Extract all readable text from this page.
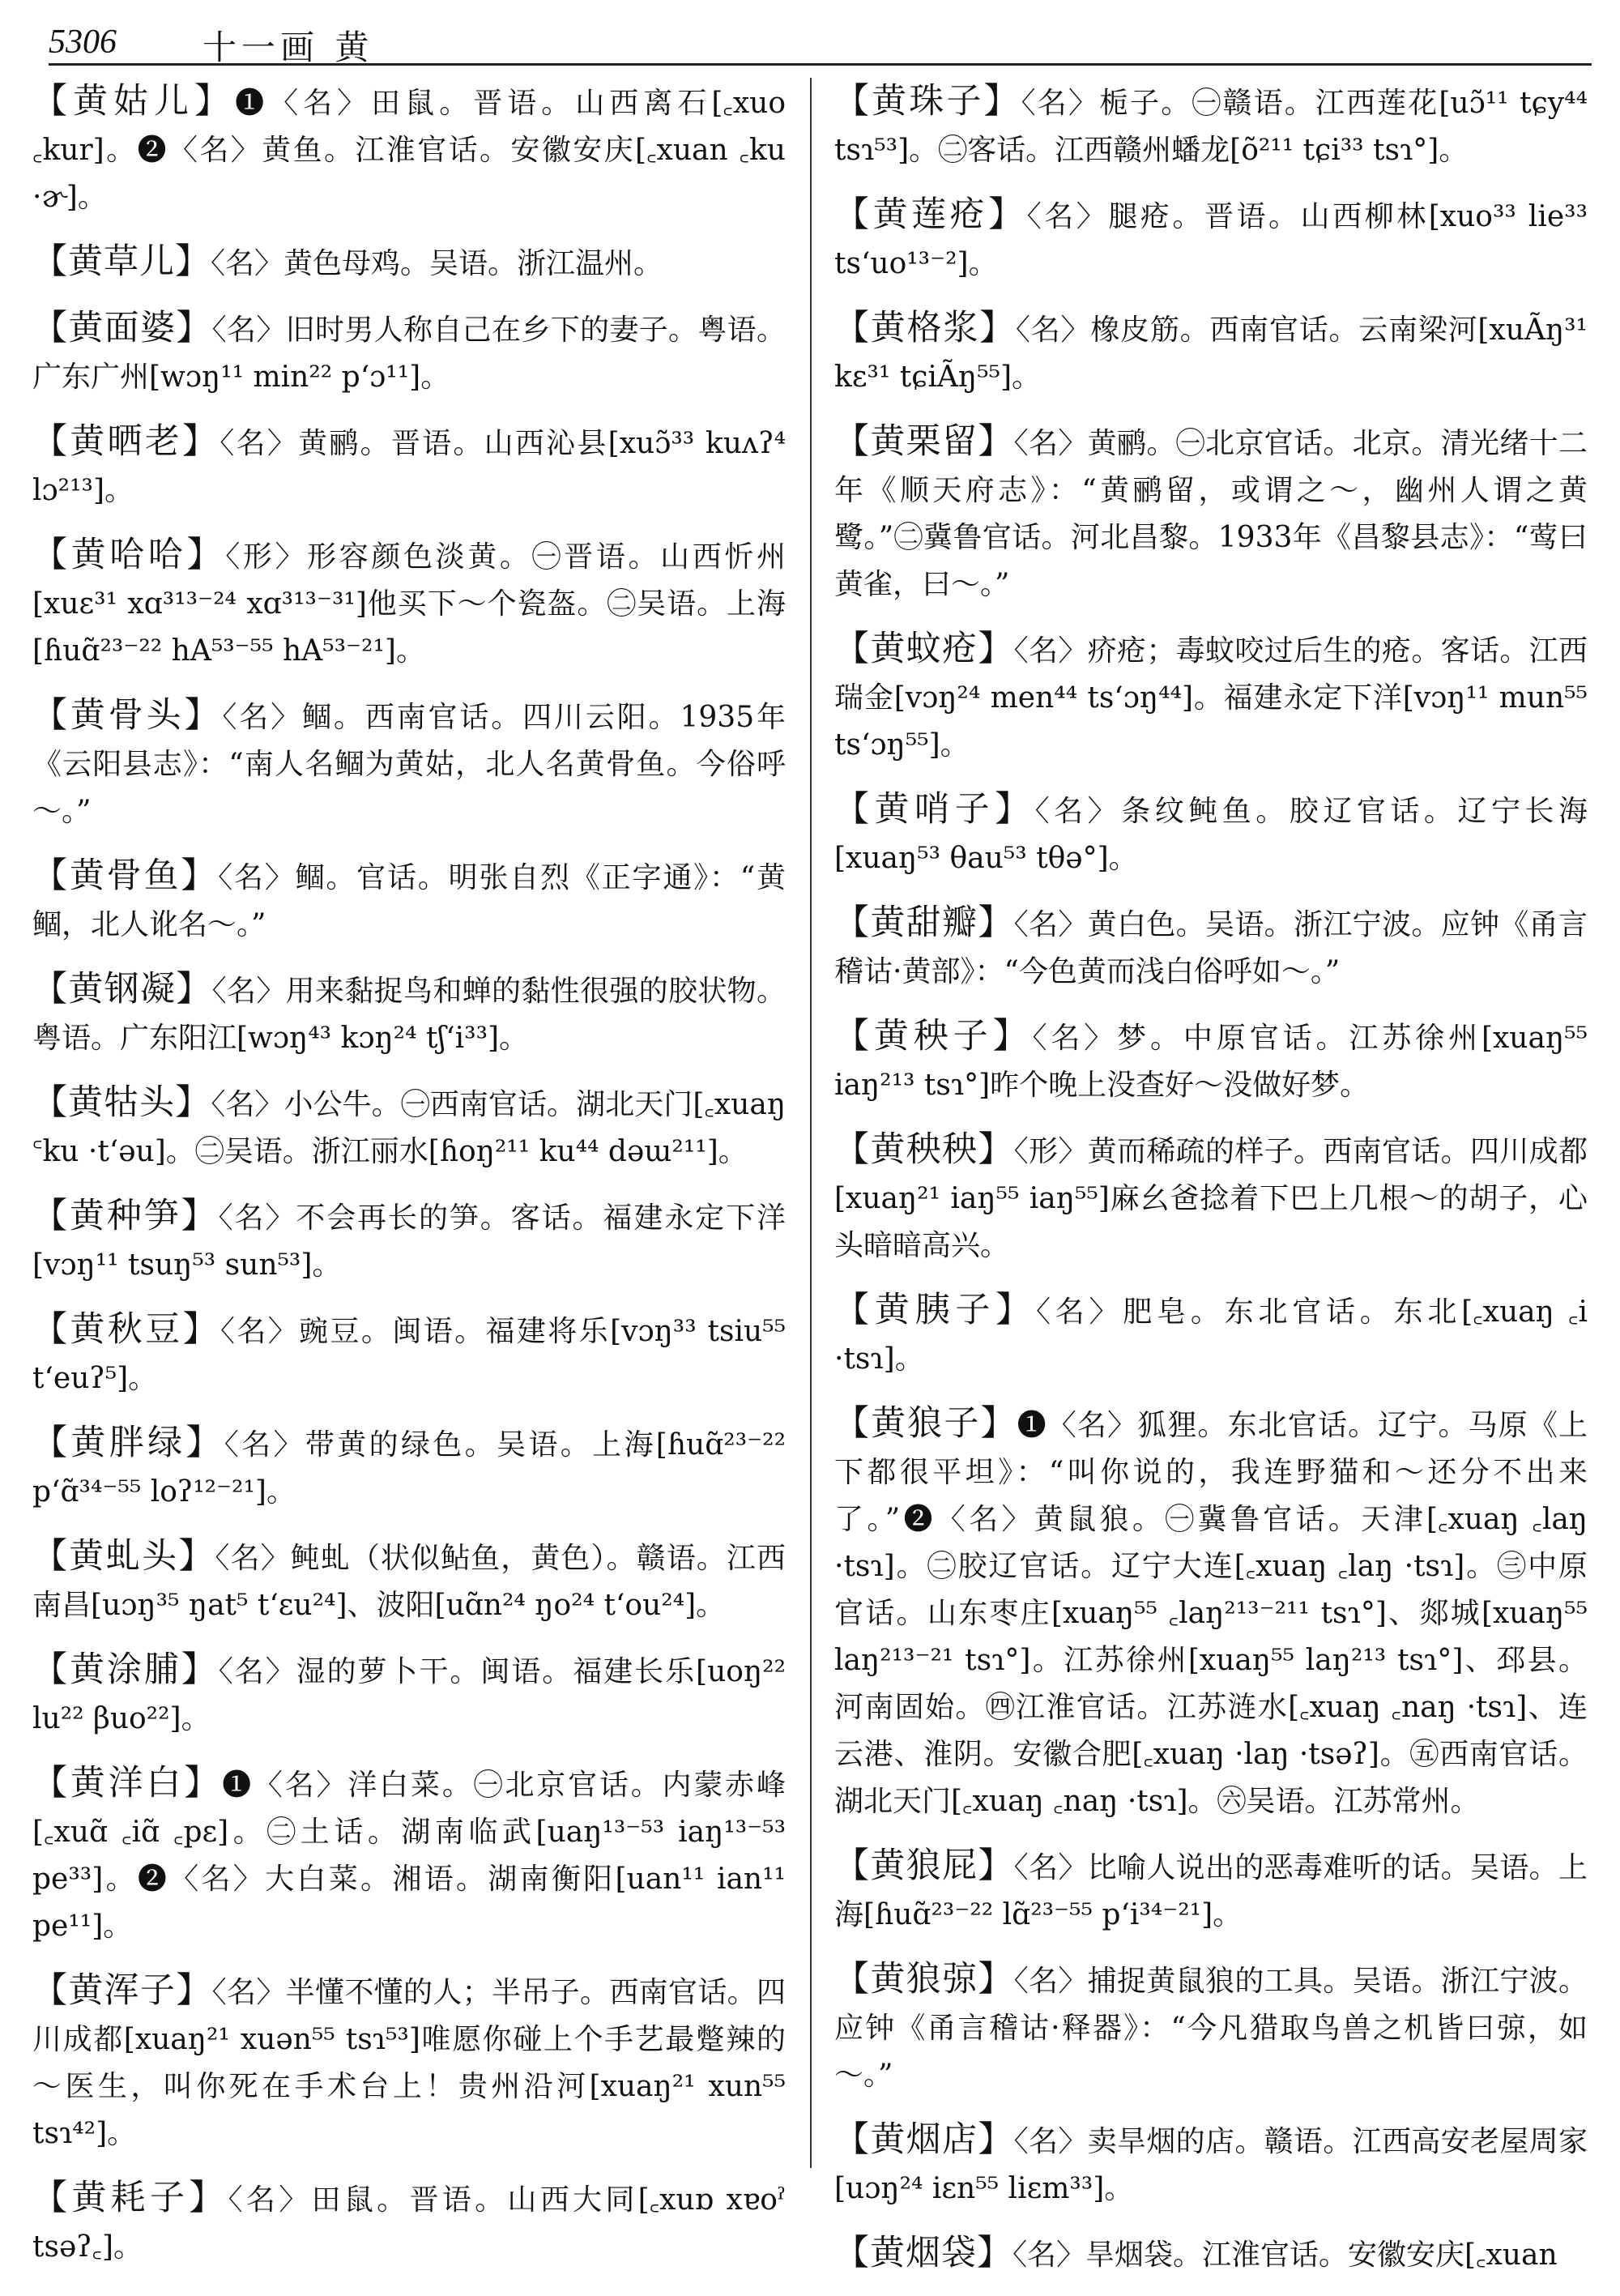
5306	十一画 黄

【黄姑儿】❶〈名〉田鼠。晋语。山西离石[꜀xuo ꜀kur]。❷〈名〉黄鱼。江淮官话。安徽安庆[꜀xuan ꜀ku ·ɚ]。

【黄草儿】〈名〉黄色母鸡。吴语。浙江温州。

【黄面婆】〈名〉旧时男人称自己在乡下的妻子。粤语。广东广州[wɔŋ¹¹ min²² pʻɔ¹¹]。

【黄晒老】〈名〉黄鹂。晋语。山西沁县[xuɔ̃³³ kuʌʔ⁴ lɔ²¹³]。

【黄哈哈】〈形〉形容颜色淡黄。㊀晋语。山西忻州[xuɛ³¹ xɑ³¹³⁻²⁴ xɑ³¹³⁻³¹]他买下～个瓷盔。㊁吴语。上海[ɦuɑ̃²³⁻²² hA⁵³⁻⁵⁵ hA⁵³⁻²¹]。

【黄骨头】〈名〉鲴。西南官话。四川云阳。1935年《云阳县志》：“南人名鲴为黄姑，北人名黄骨鱼。今俗呼～。”

【黄骨鱼】〈名〉鲴。官话。明张自烈《正字通》：“黄鲴，北人讹名～。”

【黄钢凝】〈名〉用来黏捉鸟和蝉的黏性很强的胶状物。粤语。广东阳江[wɔŋ⁴³ kɔŋ²⁴ tʃʻi³³]。

【黄牯头】〈名〉小公牛。㊀西南官话。湖北天门[꜀xuaŋ ꜂ku ·tʻəu]。㊁吴语。浙江丽水[ɦoŋ²¹¹ ku⁴⁴ dəɯ²¹¹]。

【黄种笋】〈名〉不会再长的笋。客话。福建永定下洋[vɔŋ¹¹ tsuŋ⁵³ sun⁵³]。

【黄秋豆】〈名〉豌豆。闽语。福建将乐[vɔŋ³³ tsiu⁵⁵ tʻeuʔ⁵]。

【黄胖绿】〈名〉带黄的绿色。吴语。上海[ɦuɑ̃²³⁻²² pʻɑ̃³⁴⁻⁵⁵ loʔ¹²⁻²¹]。

【黄虬头】〈名〉鲀虬（状似鲇鱼，黄色）。赣语。江西南昌[uɔŋ³⁵ ŋat⁵ tʻɛu²⁴]、波阳[uɑ̃n²⁴ ŋo²⁴ tʻou²⁴]。

【黄涂脯】〈名〉湿的萝卜干。闽语。福建长乐[uoŋ²² lu²² βuo²²]。

【黄洋白】❶〈名〉洋白菜。㊀北京官话。内蒙赤峰[꜀xuɑ̃ ꜀iɑ̃ ꜀pɛ]。㊁土话。湖南临武[uaŋ¹³⁻⁵³ iaŋ¹³⁻⁵³ pe³³]。❷〈名〉大白菜。湘语。湖南衡阳[uan¹¹ ian¹¹ pe¹¹]。

【黄浑子】〈名〉半懂不懂的人；半吊子。西南官话。四川成都[xuaŋ²¹ xuən⁵⁵ tsɿ⁵³]唯愿你碰上个手艺最蹩辣的～医生，叫你死在手术台上！贵州沿河[xuaŋ²¹ xun⁵⁵ tsɿ⁴²]。

【黄耗子】〈名〉田鼠。晋语。山西大同[꜀xuɒ xɐoˀ tsəʔ꜀]。

【黄珠子】〈名〉栀子。㊀赣语。江西莲花[uɔ̃¹¹ tɕy⁴⁴ tsɿ⁵³]。㊁客话。江西赣州蟠龙[õ²¹¹ tɕi³³ tsɿ°]。

【黄莲疮】〈名〉腿疮。晋语。山西柳林[xuo³³ lie³³ tsʻuo¹³⁻²]。

【黄格浆】〈名〉橡皮筋。西南官话。云南梁河[xuÃŋ³¹ kɛ³¹ tɕiÃŋ⁵⁵]。

【黄栗留】〈名〉黄鹂。㊀北京官话。北京。清光绪十二年《顺天府志》：“黄鹂留，或谓之～，幽州人谓之黄鹭。”㊁冀鲁官话。河北昌黎。1933年《昌黎县志》：“莺曰黄雀，曰～。”

【黄蚊疮】〈名〉疥疮；毒蚊咬过后生的疮。客话。江西瑞金[vɔŋ²⁴ men⁴⁴ tsʻɔŋ⁴⁴]。福建永定下洋[vɔŋ¹¹ mun⁵⁵ tsʻɔŋ⁵⁵]。

【黄哨子】〈名〉条纹鲀鱼。胶辽官话。辽宁长海[xuaŋ⁵³ θau⁵³ tθə°]。

【黄甜瓣】〈名〉黄白色。吴语。浙江宁波。应钟《甬言稽诂·黄部》：“今色黄而浅白俗呼如～。”

【黄秧子】〈名〉梦。中原官话。江苏徐州[xuaŋ⁵⁵ iaŋ²¹³ tsɿ°]昨个晚上没查好～没做好梦。

【黄秧秧】〈形〉黄而稀疏的样子。西南官话。四川成都[xuaŋ²¹ iaŋ⁵⁵ iaŋ⁵⁵]麻幺爸捻着下巴上几根～的胡子，心头暗暗高兴。

【黄胰子】〈名〉肥皂。东北官话。东北[꜀xuaŋ ꜀i ·tsɿ]。

【黄狼子】❶〈名〉狐狸。东北官话。辽宁。马原《上下都很平坦》：“叫你说的，我连野猫和～还分不出来了。”❷〈名〉黄鼠狼。㊀冀鲁官话。天津[꜀xuaŋ ꜀laŋ ·tsɿ]。㊁胶辽官话。辽宁大连[꜀xuaŋ ꜀laŋ ·tsɿ]。㊂中原官话。山东枣庄[xuaŋ⁵⁵ ꜀laŋ²¹³⁻²¹¹ tsɿ°]、郯城[xuaŋ⁵⁵ laŋ²¹³⁻²¹ tsɿ°]。江苏徐州[xuaŋ⁵⁵ laŋ²¹³ tsɿ°]、邳县。河南固始。㊃江淮官话。江苏涟水[꜀xuaŋ ꜀naŋ ·tsɿ]、连云港、淮阴。安徽合肥[꜀xuaŋ ·laŋ ·tsəʔ]。㊄西南官话。湖北天门[꜀xuaŋ ꜀naŋ ·tsɿ]。㊅吴语。江苏常州。

【黄狼屁】〈名〉比喻人说出的恶毒难听的话。吴语。上海[ɦuɑ̃²³⁻²² lɑ̃²³⁻⁵⁵ pʻi³⁴⁻²¹]。

【黄狼弶】〈名〉捕捉黄鼠狼的工具。吴语。浙江宁波。应钟《甬言稽诂·释器》：“今凡猎取鸟兽之机皆曰弶，如～。”

【黄烟店】〈名〉卖旱烟的店。赣语。江西高安老屋周家[uɔŋ²⁴ iɛn⁵⁵ liɛm³³]。

【黄烟袋】〈名〉旱烟袋。江淮官话。安徽安庆[꜀xuan
